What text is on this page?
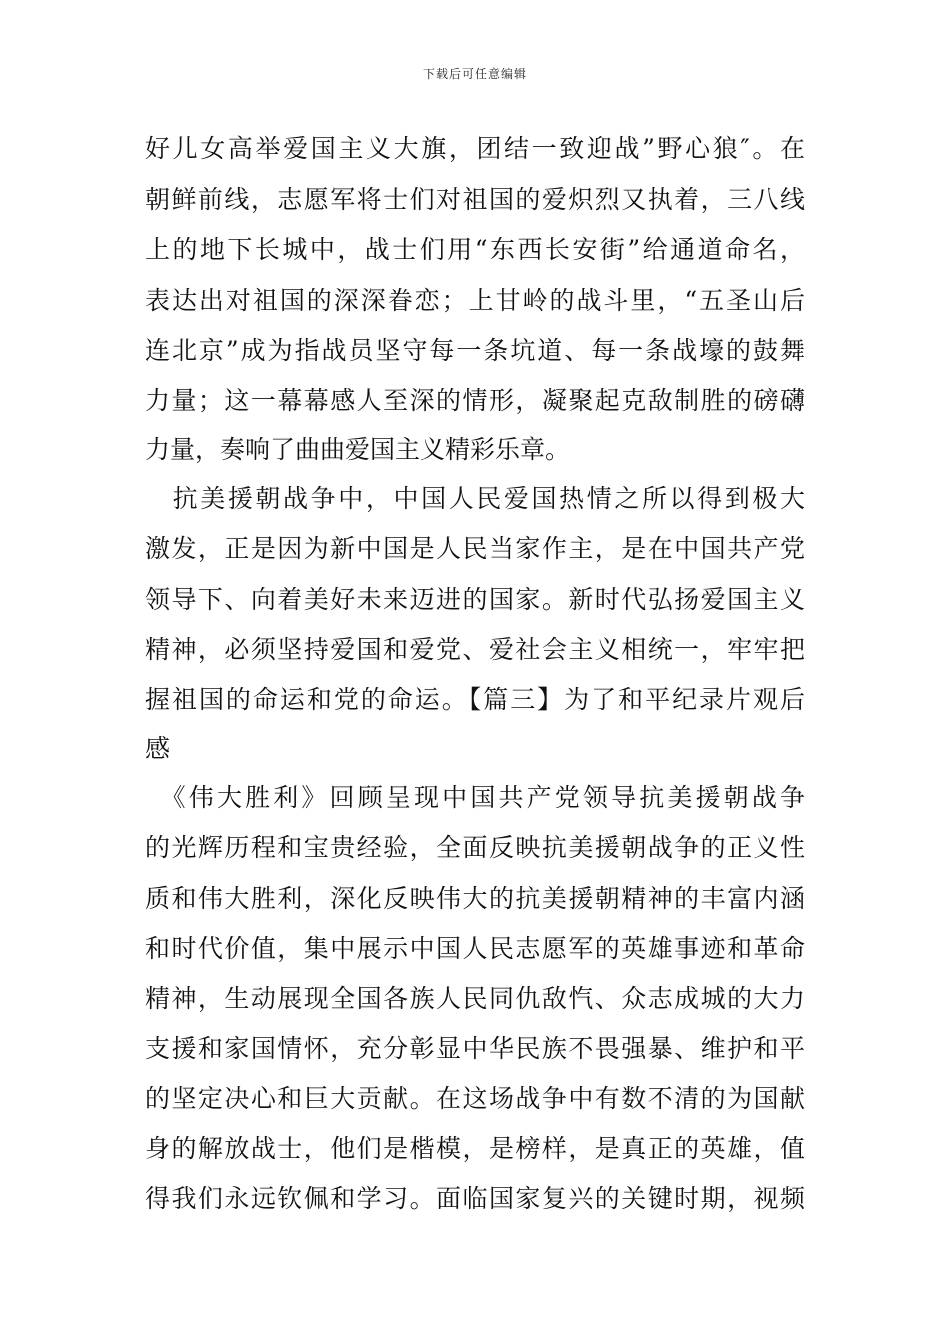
下载后可任意编辑
好儿女高举爱国主义大旗，团结一致迎战”野心狼″。在
朝鲜前线，志愿军将士们对祖国的爱炽烈又执着，三八线
上的地下长城中，战士们用“东西长安街”给通道命名，
表达出对祖国的深深眷恋；上甘岭的战斗里，“五圣山后
连北京”成为指战员坚守每一条坑道、每一条战壕的鼓舞
力量；这一幕幕感人至深的情形，凝聚起克敌制胜的磅礴
力量，奏响了曲曲爱国主义精彩乐章。
　抗美援朝战争中，中国人民爱国热情之所以得到极大
激发，正是因为新中国是人民当家作主，是在中国共产党
领导下、向着美好未来迈进的国家。新时代弘扬爱国主义
精神，必须坚持爱国和爱党、爱社会主义相统一，牢牢把
握祖国的命运和党的命运。【篇三】为了和平纪录片观后
感
　《伟大胜利》回顾呈现中国共产党领导抗美援朝战争
的光辉历程和宝贵经验，全面反映抗美援朝战争的正义性
质和伟大胜利，深化反映伟大的抗美援朝精神的丰富内涵
和时代价值，集中展示中国人民志愿军的英雄事迹和革命
精神，生动展现全国各族人民同仇敌忾、众志成城的大力
支援和家国情怀，充分彰显中华民族不畏强暴、维护和平
的坚定决心和巨大贡献。在这场战争中有数不清的为国献
身的解放战士，他们是楷模，是榜样，是真正的英雄，值
得我们永远钦佩和学习。面临国家复兴的关键时期，视频
